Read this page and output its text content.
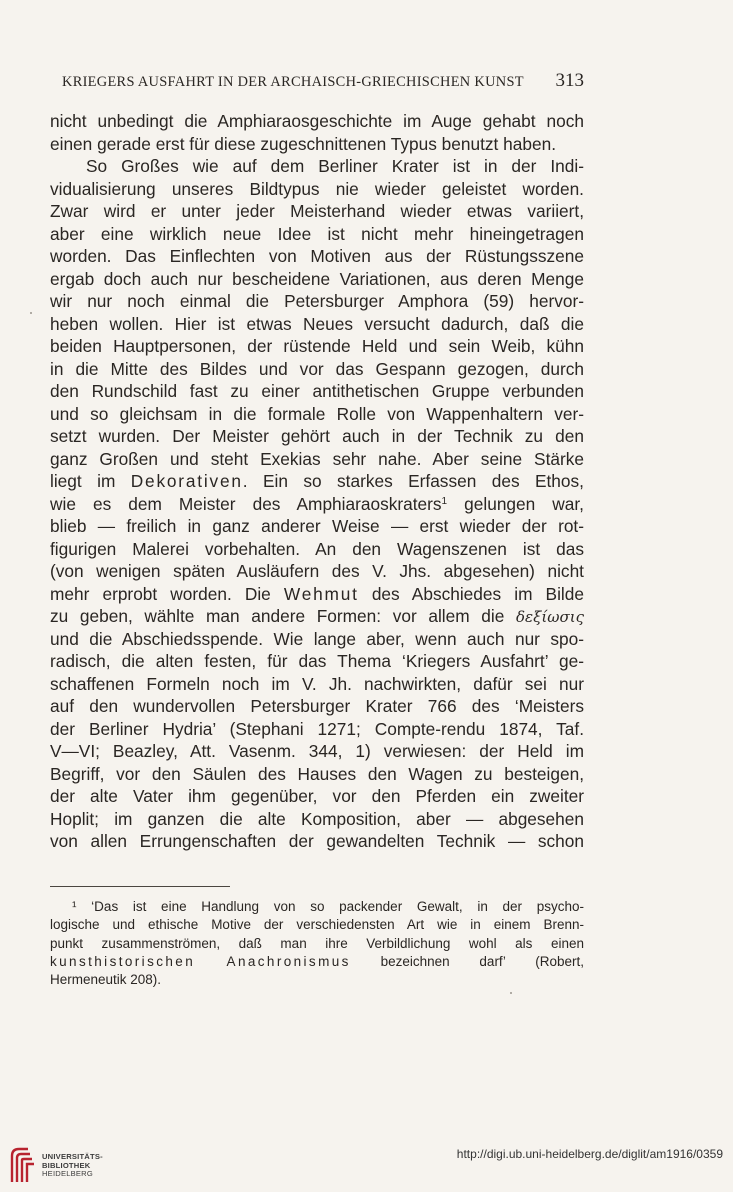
KRIEGERS AUSFAHRT IN DER ARCHAISCH-GRIECHISCHEN KUNST 313
nicht unbedingt die Amphiaraosgeschichte im Auge gehabt noch
einen gerade erst für diese zugeschnittenen Typus benutzt haben.
So Großes wie auf dem Berliner Krater ist in der Indi-
vidualisierung unseres Bildtypus nie wieder geleistet worden.
Zwar wird er unter jeder Meisterhand wieder etwas variiert,
aber eine wirklich neue Idee ist nicht mehr hineingetragen
worden. Das Einflechten von Motiven aus der Rüstungsszene
ergab doch auch nur bescheidene Variationen, aus deren Menge
wir nur noch einmal die Petersburger Amphora (59) hervor-
heben wollen. Hier ist etwas Neues versucht dadurch, daß die
beiden Hauptpersonen, der rüstende Held und sein Weib, kühn
in die Mitte des Bildes und vor das Gespann gezogen, durch
den Rundschild fast zu einer antithetischen Gruppe verbunden
und so gleichsam in die formale Rolle von Wappenhaltern ver-
setzt wurden. Der Meister gehört auch in der Technik zu den
ganz Großen und steht Exekias sehr nahe. Aber seine Stärke
liegt im Dekorativen. Ein so starkes Erfassen des Ethos,
wie es dem Meister des Amphiaraoskraters$^1$ gelungen war,
blieb — freilich in ganz anderer Weise — erst wieder der rot-
figurigen Malerei vorbehalten. An den Wagenszenen ist das
(von wenigen späten Ausläufern des V. Jhs. abgesehen) nicht
mehr erprobt worden. Die Wehmut des Abschiedes im Bilde
zu geben, wählte man andere Formen: vor allem die δεξίωσις
und die Abschiedsspende. Wie lange aber, wenn auch nur spo-
radisch, die alten festen, für das Thema ‘Kriegers Ausfahrt’ ge-
schaffenen Formeln noch im V. Jh. nachwirkten, dafür sei nur
auf den wundervollen Petersburger Krater 766 des ‘Meisters
der Berliner Hydria’ (Stephani 1271; Compte-rendu 1874, Taf.
V—VI; Beazley, Att. Vasenm. 344, 1) verwiesen: der Held im
Begriff, vor den Säulen des Hauses den Wagen zu besteigen,
der alte Vater ihm gegenüber, vor den Pferden ein zweiter
Hoplit; im ganzen die alte Komposition, aber — abgesehen
von allen Errungenschaften der gewandelten Technik — schon
¹ ‘Das ist eine Handlung von so packender Gewalt, in der psycho-
logische und ethische Motive der verschiedensten Art wie in einem Brenn-
punkt zusammenströmen, daß man ihre Verbildlichung wohl als einen
kunsthistorischen Anachronismus bezeichnen darf’ (Robert,
Hermeneutik 208).
UNIVERSITÄTS-
BIBLIOTHEK
HEIDELBERG
http://digi.ub.uni-heidelberg.de/diglit/am1916/0359
